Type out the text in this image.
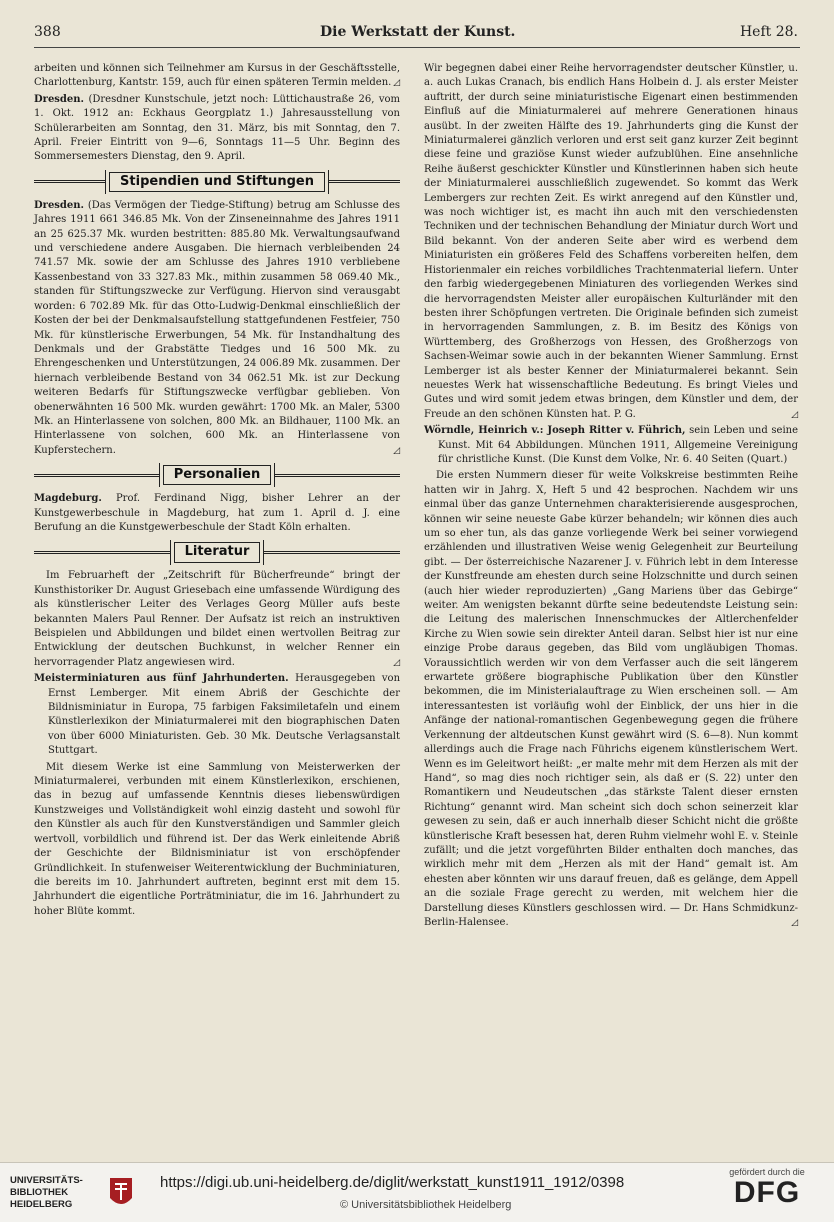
388	Die Werkstatt der Kunst.	Heft 28.

arbeiten und können sich Teilnehmer am Kursus in der Geschäftsstelle, Charlottenburg, Kantstr. 159, auch für einen späteren Termin melden. ◿

Dresden. (Dresdner Kunstschule, jetzt noch: Lüttichaustraße 26, vom 1. Okt. 1912 an: Eckhaus Georgplatz 1.) Jahresausstellung von Schülerarbeiten am Sonntag, den 31. März, bis mit Sonntag, den 7. April. Freier Eintritt von 9—6, Sonntags 11—5 Uhr. Beginn des Sommersemesters Dienstag, den 9. April.

Stipendien und Stiftungen

Dresden. (Das Vermögen der Tiedge-Stiftung) betrug am Schlusse des Jahres 1911 661 346.85 Mk. Von der Zinseneinnahme des Jahres 1911 an 25 625.37 Mk. wurden bestritten: 885.80 Mk. Verwaltungsaufwand und verschiedene andere Ausgaben. Die hiernach verbleibenden 24 741.57 Mk. sowie der am Schlusse des Jahres 1910 verbliebene Kassenbestand von 33 327.83 Mk., mithin zusammen 58 069.40 Mk., standen für Stiftungszwecke zur Verfügung. Hiervon sind verausgabt worden: 6 702.89 Mk. für das Otto-Ludwig-Denkmal einschließlich der Kosten der bei der Denkmalsaufstellung stattgefundenen Festfeier, 750 Mk. für künstlerische Erwerbungen, 54 Mk. für Instandhaltung des Denkmals und der Grabstätte Tiedges und 16 500 Mk. zu Ehrengeschenken und Unterstützungen, 24 006.89 Mk. zusammen. Der hiernach verbleibende Bestand von 34 062.51 Mk. ist zur Deckung weiteren Bedarfs für Stiftungszwecke verfügbar geblieben. Von obenerwähnten 16 500 Mk. wurden gewährt: 1700 Mk. an Maler, 5300 Mk. an Hinterlassene von solchen, 800 Mk. an Bildhauer, 1100 Mk. an Hinterlassene von solchen, 600 Mk. an Hinterlassene von Kupferstechern.	◿

Personalien

Magdeburg. Prof. Ferdinand Nigg, bisher Lehrer an der Kunstgewerbeschule in Magdeburg, hat zum 1. April d. J. eine Berufung an die Kunstgewerbeschule der Stadt Köln erhalten.

Literatur

Im Februarheft der „Zeitschrift für Bücherfreunde“ bringt der Kunsthistoriker Dr. August Griesebach eine umfassende Würdigung des als künstlerischer Leiter des Verlages Georg Müller aufs beste bekannten Malers Paul Renner. Der Aufsatz ist reich an instruktiven Beispielen und Abbildungen und bildet einen wertvollen Beitrag zur Entwicklung der deutschen Buchkunst, in welcher Renner ein hervorragender Platz angewiesen wird.	◿

Meisterminiaturen aus fünf Jahrhunderten. Herausgegeben von Ernst Lemberger. Mit einem Abriß der Geschichte der Bildnisminiatur in Europa, 75 farbigen Faksimiletafeln und einem Künstlerlexikon der Miniaturmalerei mit den biographischen Daten von über 6000 Miniaturisten. Geb. 30 Mk. Deutsche Verlagsanstalt Stuttgart.

Mit diesem Werke ist eine Sammlung von Meisterwerken der Miniaturmalerei, verbunden mit einem Künstlerlexikon, erschienen, das in bezug auf umfassende Kenntnis dieses liebenswürdigen Kunstzweiges und Vollständigkeit wohl einzig dasteht und sowohl für den Künstler als auch für den Kunstverständigen und Sammler gleich wertvoll, vorbildlich und führend ist. Der das Werk einleitende Abriß der Geschichte der Bildnisminiatur ist von erschöpfender Gründlichkeit. In stufenweiser Weiterentwicklung der Buchminiaturen, die bereits im 10. Jahrhundert auftreten, beginnt erst mit dem 15. Jahrhundert die eigentliche Porträtminiatur, die im 16. Jahrhundert zu hoher Blüte kommt.

Wir begegnen dabei einer Reihe hervorragendster deutscher Künstler, u. a. auch Lukas Cranach, bis endlich Hans Holbein d. J. als erster Meister auftritt, der durch seine miniaturistische Eigenart einen bestimmenden Einfluß auf die Miniaturmalerei auf mehrere Generationen hinaus ausübt. In der zweiten Hälfte des 19. Jahrhunderts ging die Kunst der Miniaturmalerei gänzlich verloren und erst seit ganz kurzer Zeit beginnt diese feine und graziöse Kunst wieder aufzublühen. Eine ansehnliche Reihe äußerst geschickter Künstler und Künstlerinnen haben sich heute der Miniaturmalerei ausschließlich zugewendet. So kommt das Werk Lembergers zur rechten Zeit. Es wirkt anregend auf den Künstler und, was noch wichtiger ist, es macht ihn auch mit den verschiedensten Techniken und der technischen Behandlung der Miniatur durch Wort und Bild bekannt. Von der anderen Seite aber wird es werbend dem Miniaturisten ein größeres Feld des Schaffens vorbereiten helfen, dem Historienmaler ein reiches vorbildliches Trachtenmaterial liefern. Unter den farbig wiedergegebenen Miniaturen des vorliegenden Werkes sind die hervorragendsten Meister aller europäischen Kulturländer mit den besten ihrer Schöpfungen vertreten. Die Originale befinden sich zumeist in hervorragenden Sammlungen, z. B. im Besitz des Königs von Württemberg, des Großherzogs von Hessen, des Großherzogs von Sachsen-Weimar sowie auch in der bekannten Wiener Sammlung. Ernst Lemberger ist als bester Kenner der Miniaturmalerei bekannt. Sein neuestes Werk hat wissenschaftliche Bedeutung. Es bringt Vieles und Gutes und wird somit jedem etwas bringen, dem Künstler und dem, der Freude an den schönen Künsten hat. P. G.	◿

Wörndle, Heinrich v.: Joseph Ritter v. Führich, sein Leben und seine Kunst. Mit 64 Abbildungen. München 1911, Allgemeine Vereinigung für christliche Kunst. (Die Kunst dem Volke, Nr. 6. 40 Seiten (Quart.)

Die ersten Nummern dieser für weite Volkskreise bestimmten Reihe hatten wir in Jahrg. X, Heft 5 und 42 besprochen. Nachdem wir uns einmal über das ganze Unternehmen charakterisierende ausgesprochen, können wir seine neueste Gabe kürzer behandeln; wir können dies auch um so eher tun, als das ganze vorliegende Werk bei seiner vorwiegend erzählenden und illustrativen Weise wenig Gelegenheit zur Beurteilung gibt. — Der österreichische Nazarener J. v. Führich lebt in dem Interesse der Kunstfreunde am ehesten durch seine Holzschnitte und durch seinen (auch hier wieder reproduzierten) „Gang Mariens über das Gebirge“ weiter. Am wenigsten bekannt dürfte seine bedeutendste Leistung sein: die Leitung des malerischen Innenschmuckes der Altlerchenfelder Kirche zu Wien sowie sein direkter Anteil daran. Selbst hier ist nur eine einzige Probe daraus gegeben, das Bild vom ungläubigen Thomas. Voraussichtlich werden wir von dem Verfasser auch die seit längerem erwartete größere biographische Publikation über den Künstler bekommen, die im Ministerialauftrage zu Wien erscheinen soll. — Am interessantesten ist vorläufig wohl der Einblick, der uns hier in die Anfänge der national-romantischen Gegenbewegung gegen die frühere Verkennung der altdeutschen Kunst gewährt wird (S. 6—8). Nun kommt allerdings auch die Frage nach Führichs eigenem künstlerischem Wert. Wenn es im Geleitwort heißt: „er malte mehr mit dem Herzen als mit der Hand“, so mag dies noch richtiger sein, als daß er (S. 22) unter den Romantikern und Neudeutschen „das stärkste Talent dieser ernsten Richtung“ genannt wird. Man scheint sich doch schon seinerzeit klar gewesen zu sein, daß er auch innerhalb dieser Schicht nicht die größte künstlerische Kraft besessen hat, deren Ruhm vielmehr wohl E. v. Steinle zufällt; und die jetzt vorgeführten Bilder enthalten doch manches, das wirklich mehr mit dem „Herzen als mit der Hand“ gemalt ist. Am ehesten aber könnten wir uns darauf freuen, daß es gelänge, dem Appell an die soziale Frage gerecht zu werden, mit welchem hier die Darstellung dieses Künstlers geschlossen wird. — Dr. Hans Schmidkunz-Berlin-Halensee.	◿

UNIVERSITÄTS-
BIBLIOTHEK
HEIDELBERG
https://digi.ub.uni-heidelberg.de/diglit/werkstatt_kunst1911_1912/0398
© Universitätsbibliothek Heidelberg
gefördert durch die
DFG
